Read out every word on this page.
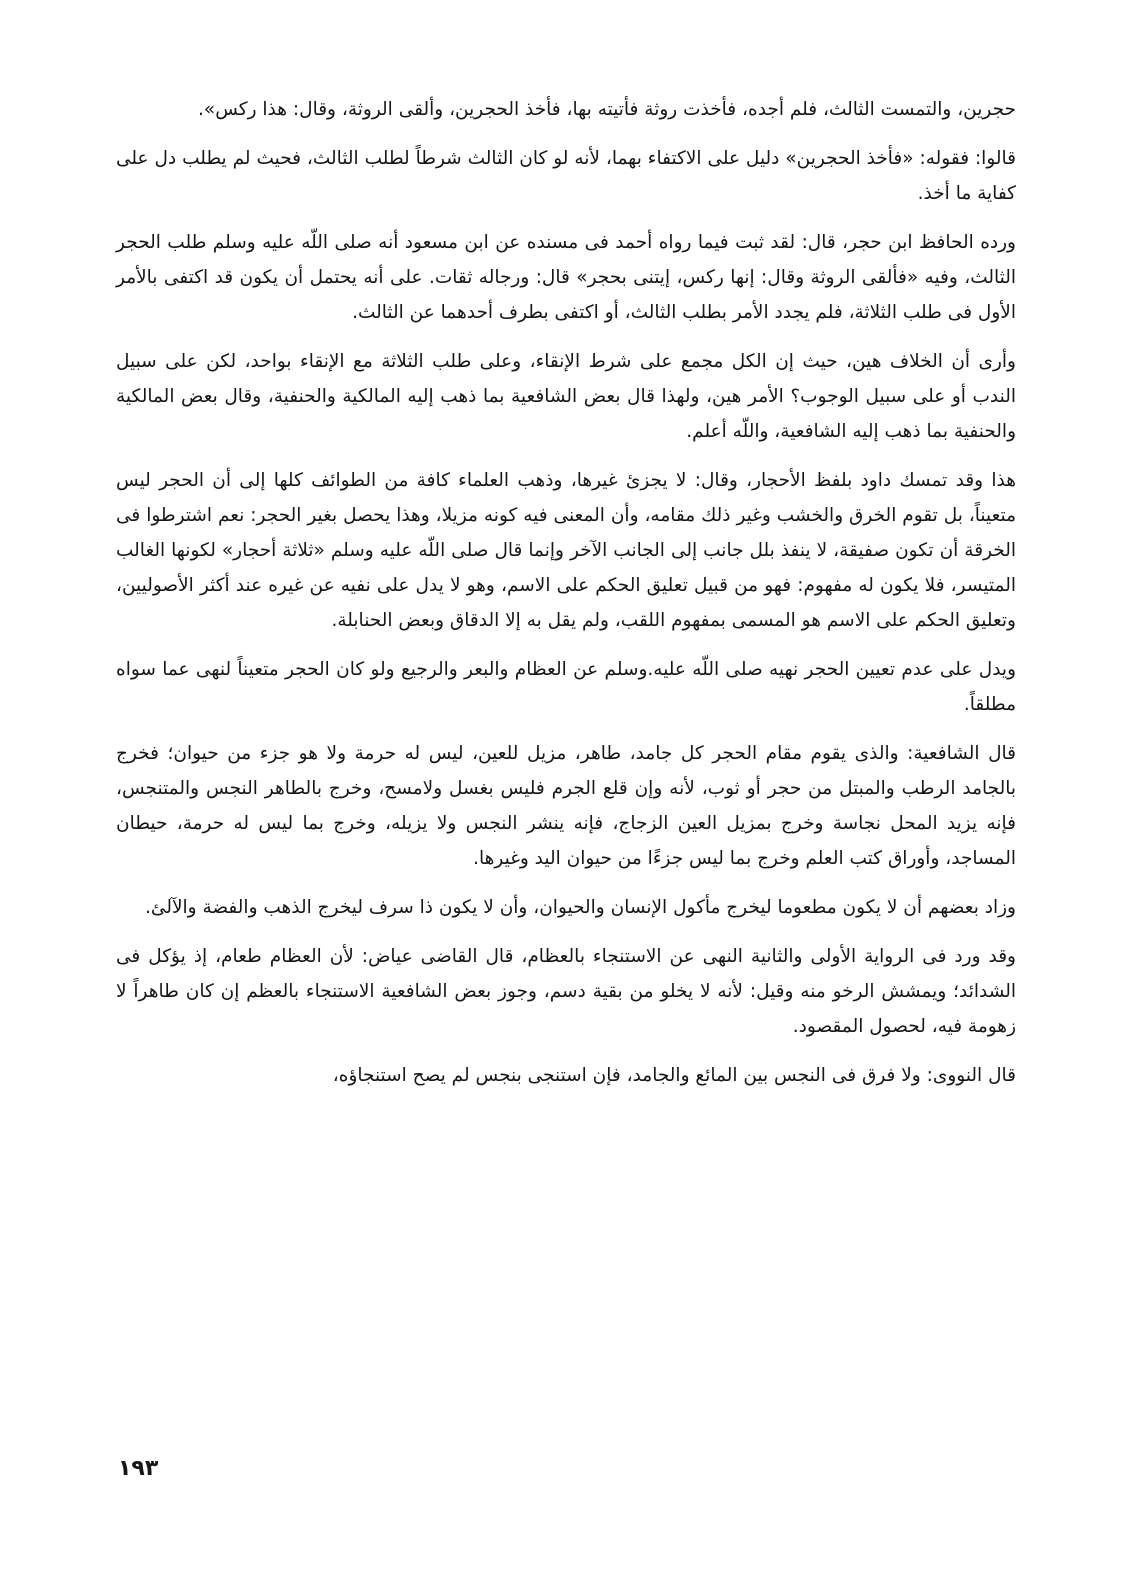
حجرين، والتمست الثالث، فلم أجده، فأخذت روثة فأتيته بها، فأخذ الحجرين، وألقى الروثة، وقال: هذا ركس».

قالوا: فقوله: «فأخذ الحجرين» دليل على الاكتفاء بهما، لأنه لو كان الثالث شرطاً لطلب الثالث، فحيث لم يطلب دل على كفاية ما أخذ.

ورده الحافظ ابن حجر، قال: لقد ثبت فيما رواه أحمد فى مسنده عن ابن مسعود أنه صلى اللّه عليه وسلم طلب الحجر الثالث، وفيه «فألقى الروثة وقال: إنها ركس، إيتنى بحجر» قال: ورجاله ثقات. على أنه يحتمل أن يكون قد اكتفى بالأمر الأول فى طلب الثلاثة، فلم يجدد الأمر بطلب الثالث، أو اكتفى بطرف أحدهما عن الثالث.

وأرى أن الخلاف هين، حيث إن الكل مجمع على شرط الإنقاء، وعلى طلب الثلاثة مع الإنقاء بواحد، لكن على سبيل الندب أو على سبيل الوجوب؟ الأمر هين، ولهذا قال بعض الشافعية بما ذهب إليه المالكية والحنفية، وقال بعض المالكية والحنفية بما ذهب إليه الشافعية، واللّه أعلم.

هذا وقد تمسك داود بلفظ الأحجار، وقال: لا يجزئ غيرها، وذهب العلماء كافة من الطوائف كلها إلى أن الحجر ليس متعيناً، بل تقوم الخرق والخشب وغير ذلك مقامه، وأن المعنى فيه كونه مزيلا، وهذا يحصل بغير الحجر: نعم اشترطوا فى الخرقة أن تكون صفيقة، لا ينفذ بلل جانب إلى الجانب الآخر وإنما قال صلى اللّه عليه وسلم «ثلاثة أحجار» لكونها الغالب المتيسر، فلا يكون له مفهوم: فهو من قبيل تعليق الحكم على الاسم، وهو لا يدل على نفيه عن غيره عند أكثر الأصوليين، وتعليق الحكم على الاسم هو المسمى بمفهوم اللقب، ولم يقل به إلا الدقاق وبعض الحنابلة.

ويدل على عدم تعيين الحجر نهيه صلى اللّه عليه.وسلم عن العظام والبعر والرجيع ولو كان الحجر متعيناً لنهى عما سواه مطلقاً.

قال الشافعية: والذى يقوم مقام الحجر كل جامد، طاهر، مزيل للعين، ليس له حرمة ولا هو جزء من حيوان؛ فخرج بالجامد الرطب والمبتل من حجر أو ثوب، لأنه وإن قلع الجرم فليس بغسل ولامسح، وخرج بالطاهر النجس والمتنجس، فإنه يزيد المحل نجاسة وخرج بمزيل العين الزجاج، فإنه ينشر النجس ولا يزيله، وخرج بما ليس له حرمة، حيطان المساجد، وأوراق كتب العلم وخرج بما ليس جزءًا من حيوان اليد وغيرها.

وزاد بعضهم أن لا يكون مطعوما ليخرج مأكول الإنسان والحيوان، وأن لا يكون ذا سرف ليخرج الذهب والفضة والآلئ.

وقد ورد فى الرواية الأولى والثانية النهى عن الاستنجاء بالعظام، قال القاضى عياض: لأن العظام طعام، إذ يؤكل فى الشدائد؛ ويمشش الرخو منه وقيل: لأنه لا يخلو من بقية دسم، وجوز بعض الشافعية الاستنجاء بالعظم إن كان طاهراً لا زهومة فيه، لحصول المقصود.

قال النووى: ولا فرق فى النجس بين المائع والجامد، فإن استنجى بنجس لم يصح استنجاؤه،

١٩٣
